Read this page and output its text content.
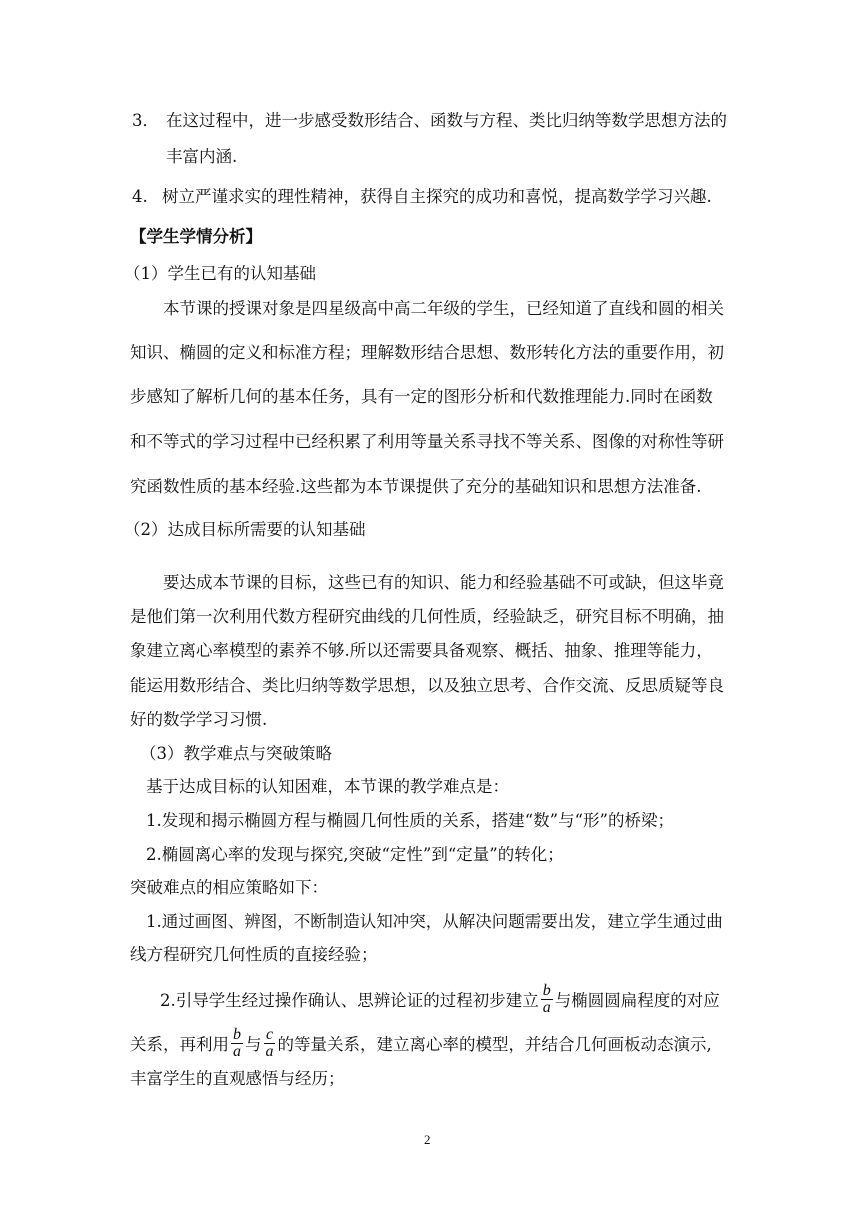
3． 在这过程中，进一步感受数形结合、函数与方程、类比归纳等数学思想方法的
丰富内涵.
4. 树立严谨求实的理性精神，获得自主探究的成功和喜悦，提高数学学习兴趣.
【学生学情分析】
（1）学生已有的认知基础
本节课的授课对象是四星级高中高二年级的学生，已经知道了直线和圆的相关
知识、椭圆的定义和标准方程；理解数形结合思想、数形转化方法的重要作用，初
步感知了解析几何的基本任务，具有一定的图形分析和代数推理能力.同时在函数
和不等式的学习过程中已经积累了利用等量关系寻找不等关系、图像的对称性等研
究函数性质的基本经验.这些都为本节课提供了充分的基础知识和思想方法准备.
（2）达成目标所需要的认知基础
要达成本节课的目标，这些已有的知识、能力和经验基础不可或缺，但这毕竟
是他们第一次利用代数方程研究曲线的几何性质，经验缺乏，研究目标不明确，抽
象建立离心率模型的素养不够.所以还需要具备观察、概括、抽象、推理等能力，
能运用数形结合、类比归纳等数学思想，以及独立思考、合作交流、反思质疑等良
好的数学学习习惯.
（3）教学难点与突破策略
基于达成目标的认知困难，本节课的教学难点是：
1.发现和揭示椭圆方程与椭圆几何性质的关系，搭建“数”与“形”的桥梁；
2.椭圆离心率的发现与探究,突破“定性”到“定量”的转化；
突破难点的相应策略如下：
1.通过画图、辨图，不断制造认知冲突，从解决问题需要出发，建立学生通过曲
线方程研究几何性质的直接经验；
2.引导学生经过操作确认、思辨论证的过程初步建立 $\frac{b}{a}$ 与椭圆圆扁程度的对应
关系，再利用 $\frac{b}{a}$ 与 $\frac{c}{a}$ 的等量关系，建立离心率的模型，并结合几何画板动态演示,
丰富学生的直观感悟与经历；
2
